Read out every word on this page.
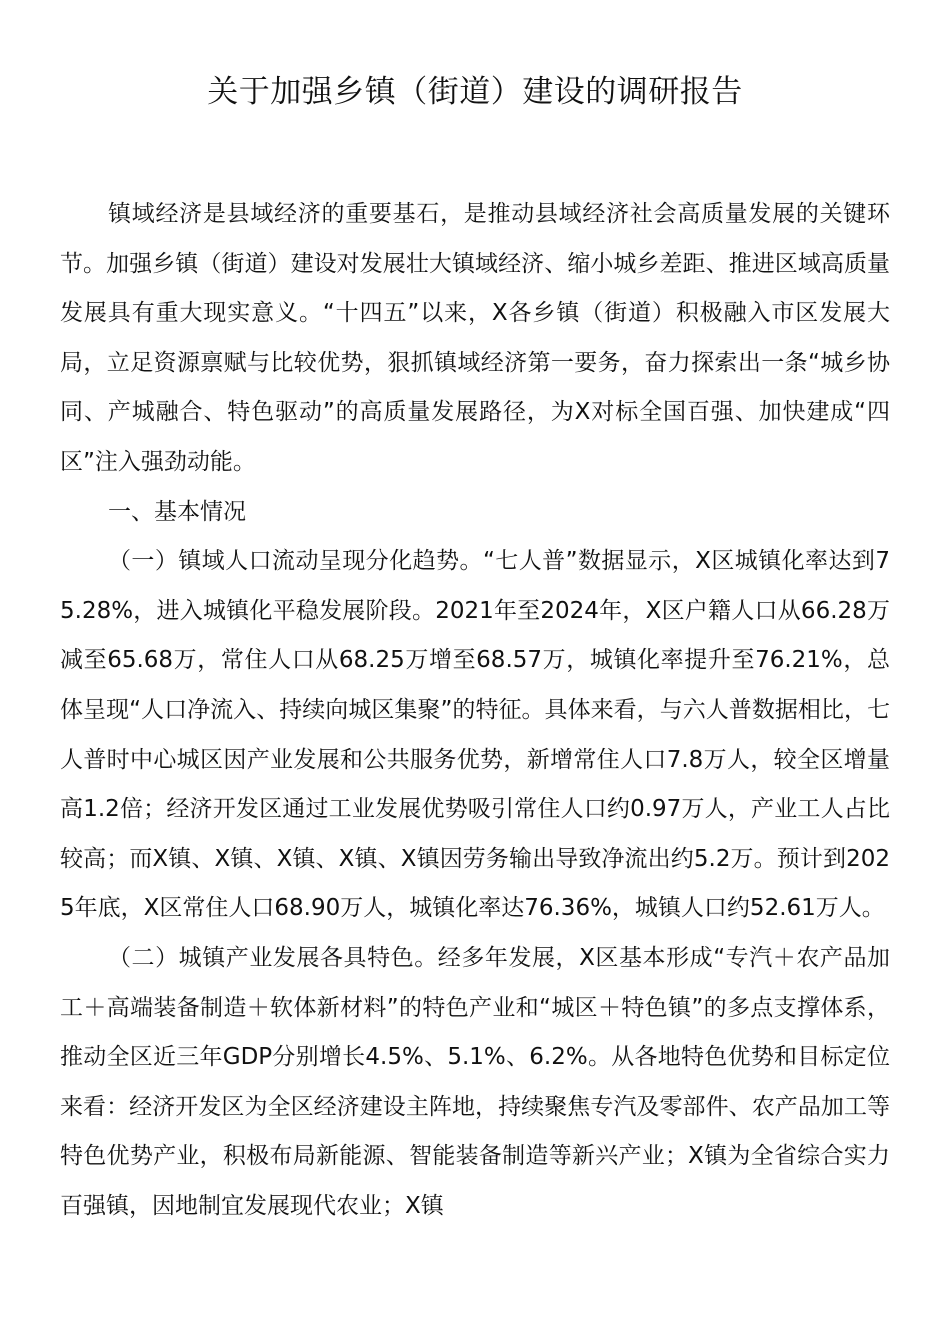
关于加强乡镇（街道）建设的调研报告

镇域经济是县域经济的重要基石，是推动县域经济社会高质量发展的关键环节。加强乡镇（街道）建设对发展壮大镇域经济、缩小城乡差距、推进区域高质量发展具有重大现实意义。“十四五”以来，X各乡镇（街道）积极融入市区发展大局，立足资源禀赋与比较优势，狠抓镇域经济第一要务，奋力探索出一条“城乡协同、产城融合、特色驱动”的高质量发展路径，为X对标全国百强、加快建成“四区”注入强劲动能。

一、基本情况

（一）镇域人口流动呈现分化趋势。“七人普”数据显示，X区城镇化率达到75.28%，进入城镇化平稳发展阶段。2021年至2024年，X区户籍人口从66.28万减至65.68万，常住人口从68.25万增至68.57万，城镇化率提升至76.21%，总体呈现“人口净流入、持续向城区集聚”的特征。具体来看，与六人普数据相比，七人普时中心城区因产业发展和公共服务优势，新增常住人口7.8万人，较全区增量高1.2倍；经济开发区通过工业发展优势吸引常住人口约0.97万人，产业工人占比较高；而X镇、X镇、X镇、X镇、X镇因劳务输出导致净流出约5.2万。预计到2025年底，X区常住人口68.90万人，城镇化率达76.36%，城镇人口约52.61万人。

（二）城镇产业发展各具特色。经多年发展，X区基本形成“专汽＋农产品加工＋高端装备制造＋软体新材料”的特色产业和“城区＋特色镇”的多点支撑体系，推动全区近三年GDP分别增长4.5%、5.1%、6.2%。从各地特色优势和目标定位来看：经济开发区为全区经济建设主阵地，持续聚焦专汽及零部件、农产品加工等特色优势产业，积极布局新能源、智能装备制造等新兴产业；X镇为全省综合实力百强镇，因地制宜发展现代农业；X镇
